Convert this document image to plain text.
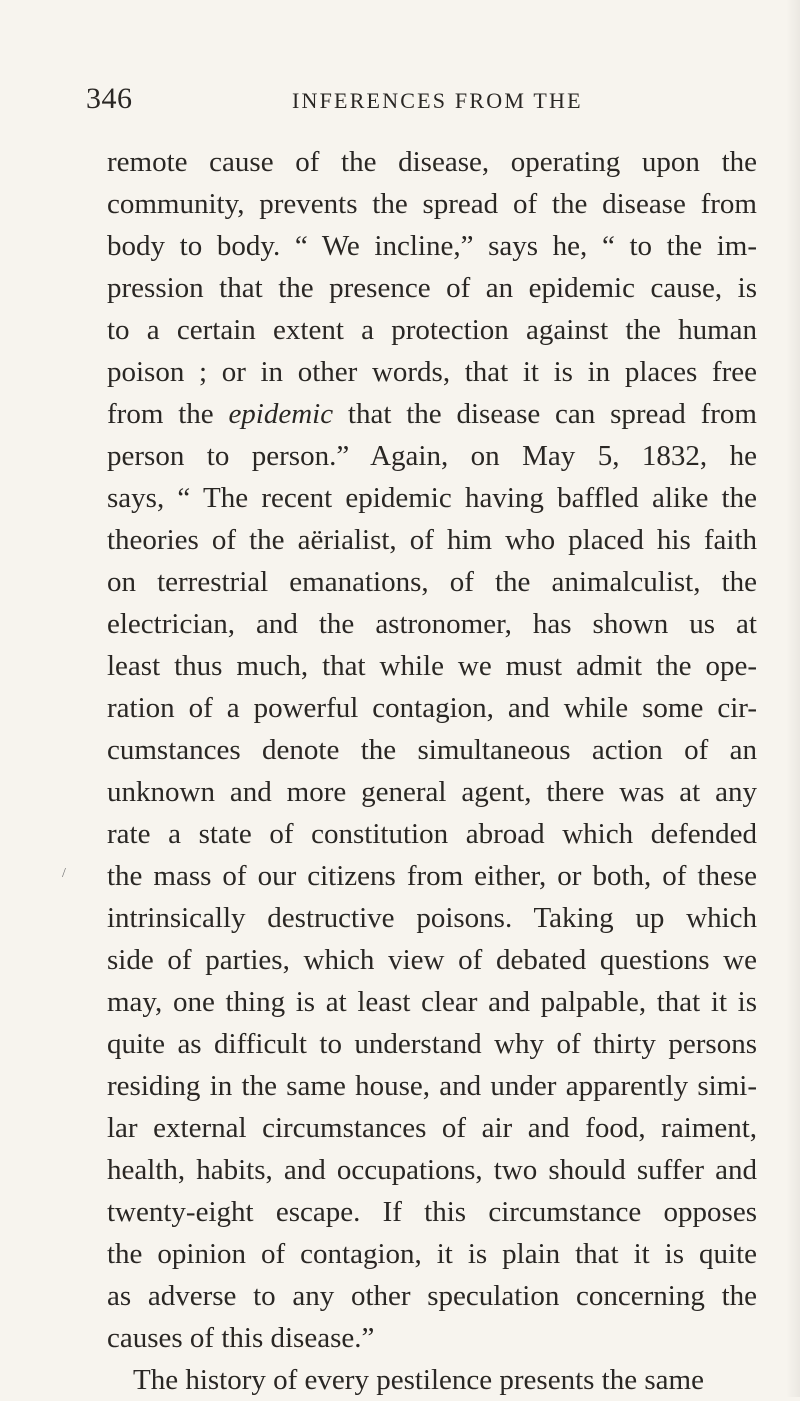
346	INFERENCES FROM THE
/
remote cause of the disease, operating upon the
community, prevents the spread of the disease from
body to body. “ We incline,” says he, “ to the im-
pression that the presence of an epidemic cause, is
to a certain extent a protection against the human
poison ; or in other words, that it is in places free
from the epidemic that the disease can spread from
person to person.” Again, on May 5, 1832, he
says, “ The recent epidemic having baffled alike the
theories of the aërialist, of him who placed his faith
on terrestrial emanations, of the animalculist, the
electrician, and the astronomer, has shown us at
least thus much, that while we must admit the ope-
ration of a powerful contagion, and while some cir-
cumstances denote the simultaneous action of an
unknown and more general agent, there was at any
rate a state of constitution abroad which defended
the mass of our citizens from either, or both, of these
intrinsically destructive poisons. Taking up which
side of parties, which view of debated questions we
may, one thing is at least clear and palpable, that it is
quite as difficult to understand why of thirty persons
residing in the same house, and under apparently simi-
lar external circumstances of air and food, raiment,
health, habits, and occupations, two should suffer and
twenty-eight escape. If this circumstance opposes
the opinion of contagion, it is plain that it is quite
as adverse to any other speculation concerning the
causes of this disease.”
The history of every pestilence presents the same
